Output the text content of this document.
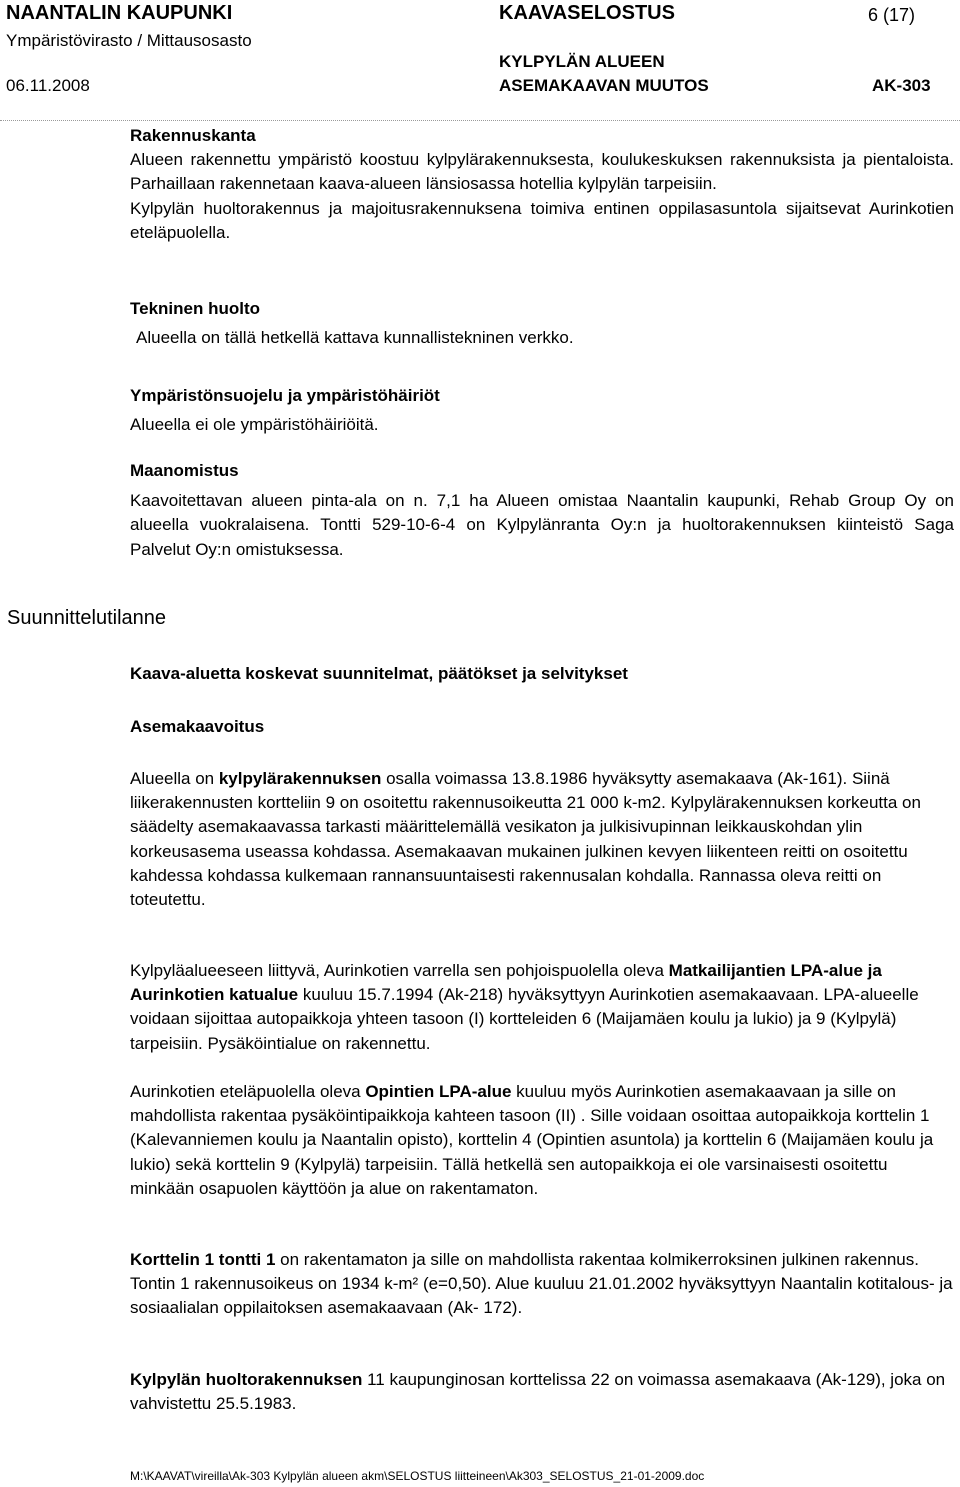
NAANTALIN KAUPUNKI
Ympäristövirasto / Mittausosasto
06.11.2008
KAAVASELOSTUS
KYLPYLÄN ALUEEN
ASEMAKAAVAN MUUTOS
6 (17)
AK-303

Rakennuskanta

Alueen rakennettu ympäristö koostuu kylpylärakennuksesta, koulukeskuksen rakennuksista ja pientaloista. Parhaillaan rakennetaan kaava-alueen länsiosassa hotellia kylpylän tarpeisiin.

Kylpylän huoltorakennus ja majoitusrakennuksena toimiva entinen oppilasasuntola sijaitsevat Aurinkotien eteläpuolella.

Tekninen huolto

Alueella on tällä hetkellä kattava kunnallistekninen verkko.

Ympäristönsuojelu ja ympäristöhäiriöt

Alueella ei ole ympäristöhäiriöitä.

Maanomistus

Kaavoitettavan alueen pinta-ala on n. 7,1 ha Alueen omistaa Naantalin kaupunki, Rehab Group Oy on alueella vuokralaisena. Tontti 529-10-6-4 on Kylpylänranta Oy:n ja huoltorakennuksen kiinteistö Saga Palvelut Oy:n omistuksessa.

Kaava-aluetta koskevat suunnitelmat, päätökset ja selvitykset

Asemakaavoitus

Alueella on kylpylärakennuksen osalla voimassa 13.8.1986 hyväksytty asemakaava (Ak-161). Siinä liikerakennusten kortteliin 9 on osoitettu rakennusoikeutta 21 000 k-m2. Kylpylärakennuksen korkeutta on säädelty asemakaavassa tarkasti määrittelemällä vesikaton ja julkisivupinnan leikkauskohdan ylin korkeusasema useassa kohdassa. Asemakaavan mukainen julkinen kevyen liikenteen reitti on osoitettu kahdessa kohdassa kulkemaan rannansuuntaisesti rakennusalan kohdalla. Rannassa oleva reitti on toteutettu.

Kylpyläalueeseen liittyvä, Aurinkotien varrella sen pohjoispuolella oleva Matkailijantien LPA-alue ja Aurinkotien katualue kuuluu 15.7.1994 (Ak-218) hyväksyttyyn Aurinkotien asemakaavaan. LPA-alueelle voidaan sijoittaa autopaikkoja yhteen tasoon (I) kortteleiden 6 (Maijamäen koulu ja lukio) ja 9 (Kylpylä) tarpeisiin. Pysäköintialue on rakennettu.

Aurinkotien eteläpuolella oleva Opintien LPA-alue kuuluu myös Aurinkotien asemakaavaan ja sille on mahdollista rakentaa pysäköintipaikkoja kahteen tasoon (II) . Sille voidaan osoittaa autopaikkoja korttelin 1 (Kalevanniemen koulu ja Naantalin opisto), korttelin 4 (Opintien asuntola) ja korttelin 6 (Maijamäen koulu ja lukio) sekä korttelin 9 (Kylpylä) tarpeisiin. Tällä hetkellä sen autopaikkoja ei ole varsinaisesti osoitettu minkään osapuolen käyttöön ja alue on rakentamaton.

Korttelin 1 tontti 1 on rakentamaton ja sille on mahdollista rakentaa kolmikerroksinen julkinen rakennus. Tontin 1 rakennusoikeus on 1934 k-m² (e=0,50). Alue kuuluu 21.01.2002 hyväksyttyyn Naantalin kotitalous- ja sosiaalialan oppilaitoksen asemakaavaan (Ak- 172).

Kylpylän huoltorakennuksen 11 kaupunginosan korttelissa 22 on voimassa asemakaava (Ak-129), joka on vahvistettu 25.5.1983.

Suunnittelutilanne
M:\KAAVAT\vireilla\Ak-303 Kylpylän alueen akm\SELOSTUS liitteineen\Ak303_SELOSTUS_21-01-2009.doc
